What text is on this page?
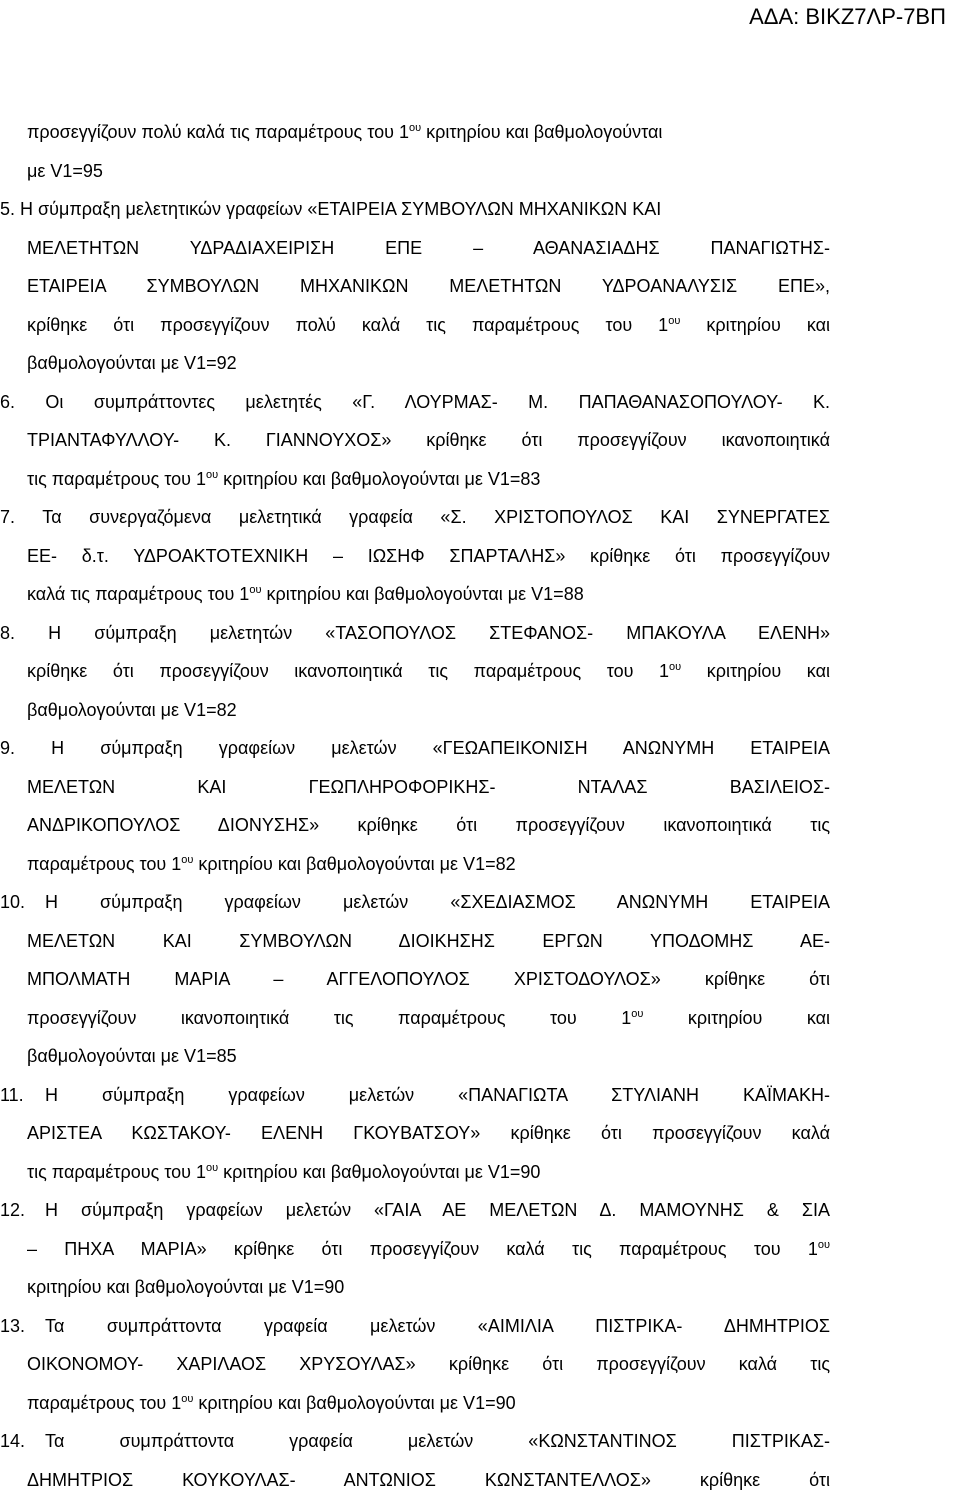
ΑΔΑ: ΒΙΚΖ7ΛΡ-7ΒΠ
προσεγγίζουν πολύ καλά τις παραμέτρους του $1^{o\upsilon}$ κριτηρίου και βαθμολογούνται
με V1=95
5. Η σύμπραξη μελετητικών γραφείων «ΕΤΑΙΡΕΙΑ ΣΥΜΒΟΥΛΩΝ ΜΗΧΑΝΙΚΩΝ ΚΑΙ
ΜΕΛΕΤΗΤΩΝ ΥΔΡΑΔΙΑΧΕΙΡΙΣΗ ΕΠΕ – ΑΘΑΝΑΣΙΑΔΗΣ ΠΑΝΑΓΙΩΤΗΣ-
ΕΤΑΙΡΕΙΑ ΣΥΜΒΟΥΛΩΝ ΜΗΧΑΝΙΚΩΝ ΜΕΛΕΤΗΤΩΝ ΥΔΡΟΑΝΑΛΥΣΙΣ ΕΠΕ»,
κρίθηκε ότι προσεγγίζουν πολύ καλά τις παραμέτρους του $1^{o\upsilon}$ κριτηρίου και
βαθμολογούνται με V1=92
6. Οι συμπράττοντες μελετητές «Γ. ΛΟΥΡΜΑΣ- Μ. ΠΑΠΑΘΑΝΑΣΟΠΟΥΛΟΥ- Κ.
ΤΡΙΑΝΤΑΦΥΛΛΟΥ- Κ. ΓΙΑΝΝΟΥΧΟΣ» κρίθηκε ότι προσεγγίζουν ικανοποιητικά
τις παραμέτρους του $1^{o\upsilon}$ κριτηρίου και βαθμολογούνται με V1=83
7. Τα συνεργαζόμενα μελετητικά γραφεία «Σ. ΧΡΙΣΤΟΠΟΥΛΟΣ ΚΑΙ ΣΥΝΕΡΓΑΤΕΣ
ΕΕ- δ.τ. ΥΔΡΟΑΚΤΟΤΕΧΝΙΚΗ – ΙΩΣΗΦ ΣΠΑΡΤΑΛΗΣ» κρίθηκε ότι προσεγγίζουν
καλά τις παραμέτρους του $1^{o\upsilon}$ κριτηρίου και βαθμολογούνται με V1=88
8. Η σύμπραξη μελετητών «ΤΑΣΟΠΟΥΛΟΣ ΣΤΕΦΑΝΟΣ- ΜΠΑΚΟΥΛΑ ΕΛΕΝΗ»
κρίθηκε ότι προσεγγίζουν ικανοποιητικά τις παραμέτρους του $1^{o\upsilon}$ κριτηρίου και
βαθμολογούνται με V1=82
9. Η σύμπραξη γραφείων μελετών «ΓΕΩΑΠΕΙΚΟΝΙΣΗ ΑΝΩΝΥΜΗ ΕΤΑΙΡΕΙΑ
ΜΕΛΕΤΩΝ ΚΑΙ ΓΕΩΠΛΗΡΟΦΟΡΙΚΗΣ- ΝΤΑΛΑΣ ΒΑΣΙΛΕΙΟΣ-
ΑΝΔΡΙΚΟΠΟΥΛΟΣ ΔΙΟΝΥΣΗΣ» κρίθηκε ότι προσεγγίζουν ικανοποιητικά τις
παραμέτρους του $1^{o\upsilon}$ κριτηρίου και βαθμολογούνται με V1=82
10. Η σύμπραξη γραφείων μελετών «ΣΧΕΔΙΑΣΜΟΣ ΑΝΩΝΥΜΗ ΕΤΑΙΡΕΙΑ
ΜΕΛΕΤΩΝ ΚΑΙ ΣΥΜΒΟΥΛΩΝ ΔΙΟΙΚΗΣΗΣ ΕΡΓΩΝ ΥΠΟΔΟΜΗΣ ΑΕ-
ΜΠΟΛΜΑΤΗ ΜΑΡΙΑ – ΑΓΓΕΛΟΠΟΥΛΟΣ ΧΡΙΣΤΟΔΟΥΛΟΣ» κρίθηκε ότι
προσεγγίζουν ικανοποιητικά τις παραμέτρους του $1^{o\upsilon}$ κριτηρίου και
βαθμολογούνται με V1=85
11. Η σύμπραξη γραφείων μελετών «ΠΑΝΑΓΙΩΤΑ ΣΤΥΛΙΑΝΗ ΚΑΪΜΑΚΗ-
ΑΡΙΣΤΕΑ ΚΩΣΤΑΚΟΥ- ΕΛΕΝΗ ΓΚΟΥΒΑΤΣΟΥ» κρίθηκε ότι προσεγγίζουν καλά
τις παραμέτρους του $1^{o\upsilon}$ κριτηρίου και βαθμολογούνται με V1=90
12. Η σύμπραξη γραφείων μελετών «ΓΑΙΑ ΑΕ ΜΕΛΕΤΩΝ Δ. ΜΑΜΟΥΝΗΣ & ΣΙΑ
– ΠΗΧΑ ΜΑΡΙΑ» κρίθηκε ότι προσεγγίζουν καλά τις παραμέτρους του $1^{o\upsilon}$
κριτηρίου και βαθμολογούνται με V1=90
13. Τα συμπράττοντα γραφεία μελετών «ΑΙΜΙΛΙΑ ΠΙΣΤΡΙΚΑ- ΔΗΜΗΤΡΙΟΣ
ΟΙΚΟΝΟΜΟΥ- ΧΑΡΙΛΑΟΣ ΧΡΥΣΟΥΛΑΣ» κρίθηκε ότι προσεγγίζουν καλά τις
παραμέτρους του $1^{o\upsilon}$ κριτηρίου και βαθμολογούνται με V1=90
14. Τα συμπράττοντα γραφεία μελετών «ΚΩΝΣΤΑΝΤΙΝΟΣ ΠΙΣΤΡΙΚΑΣ-
ΔΗΜΗΤΡΙΟΣ ΚΟΥΚΟΥΛΑΣ- ΑΝΤΩΝΙΟΣ ΚΩΝΣΤΑΝΤΕΛΛΟΣ» κρίθηκε ότι
